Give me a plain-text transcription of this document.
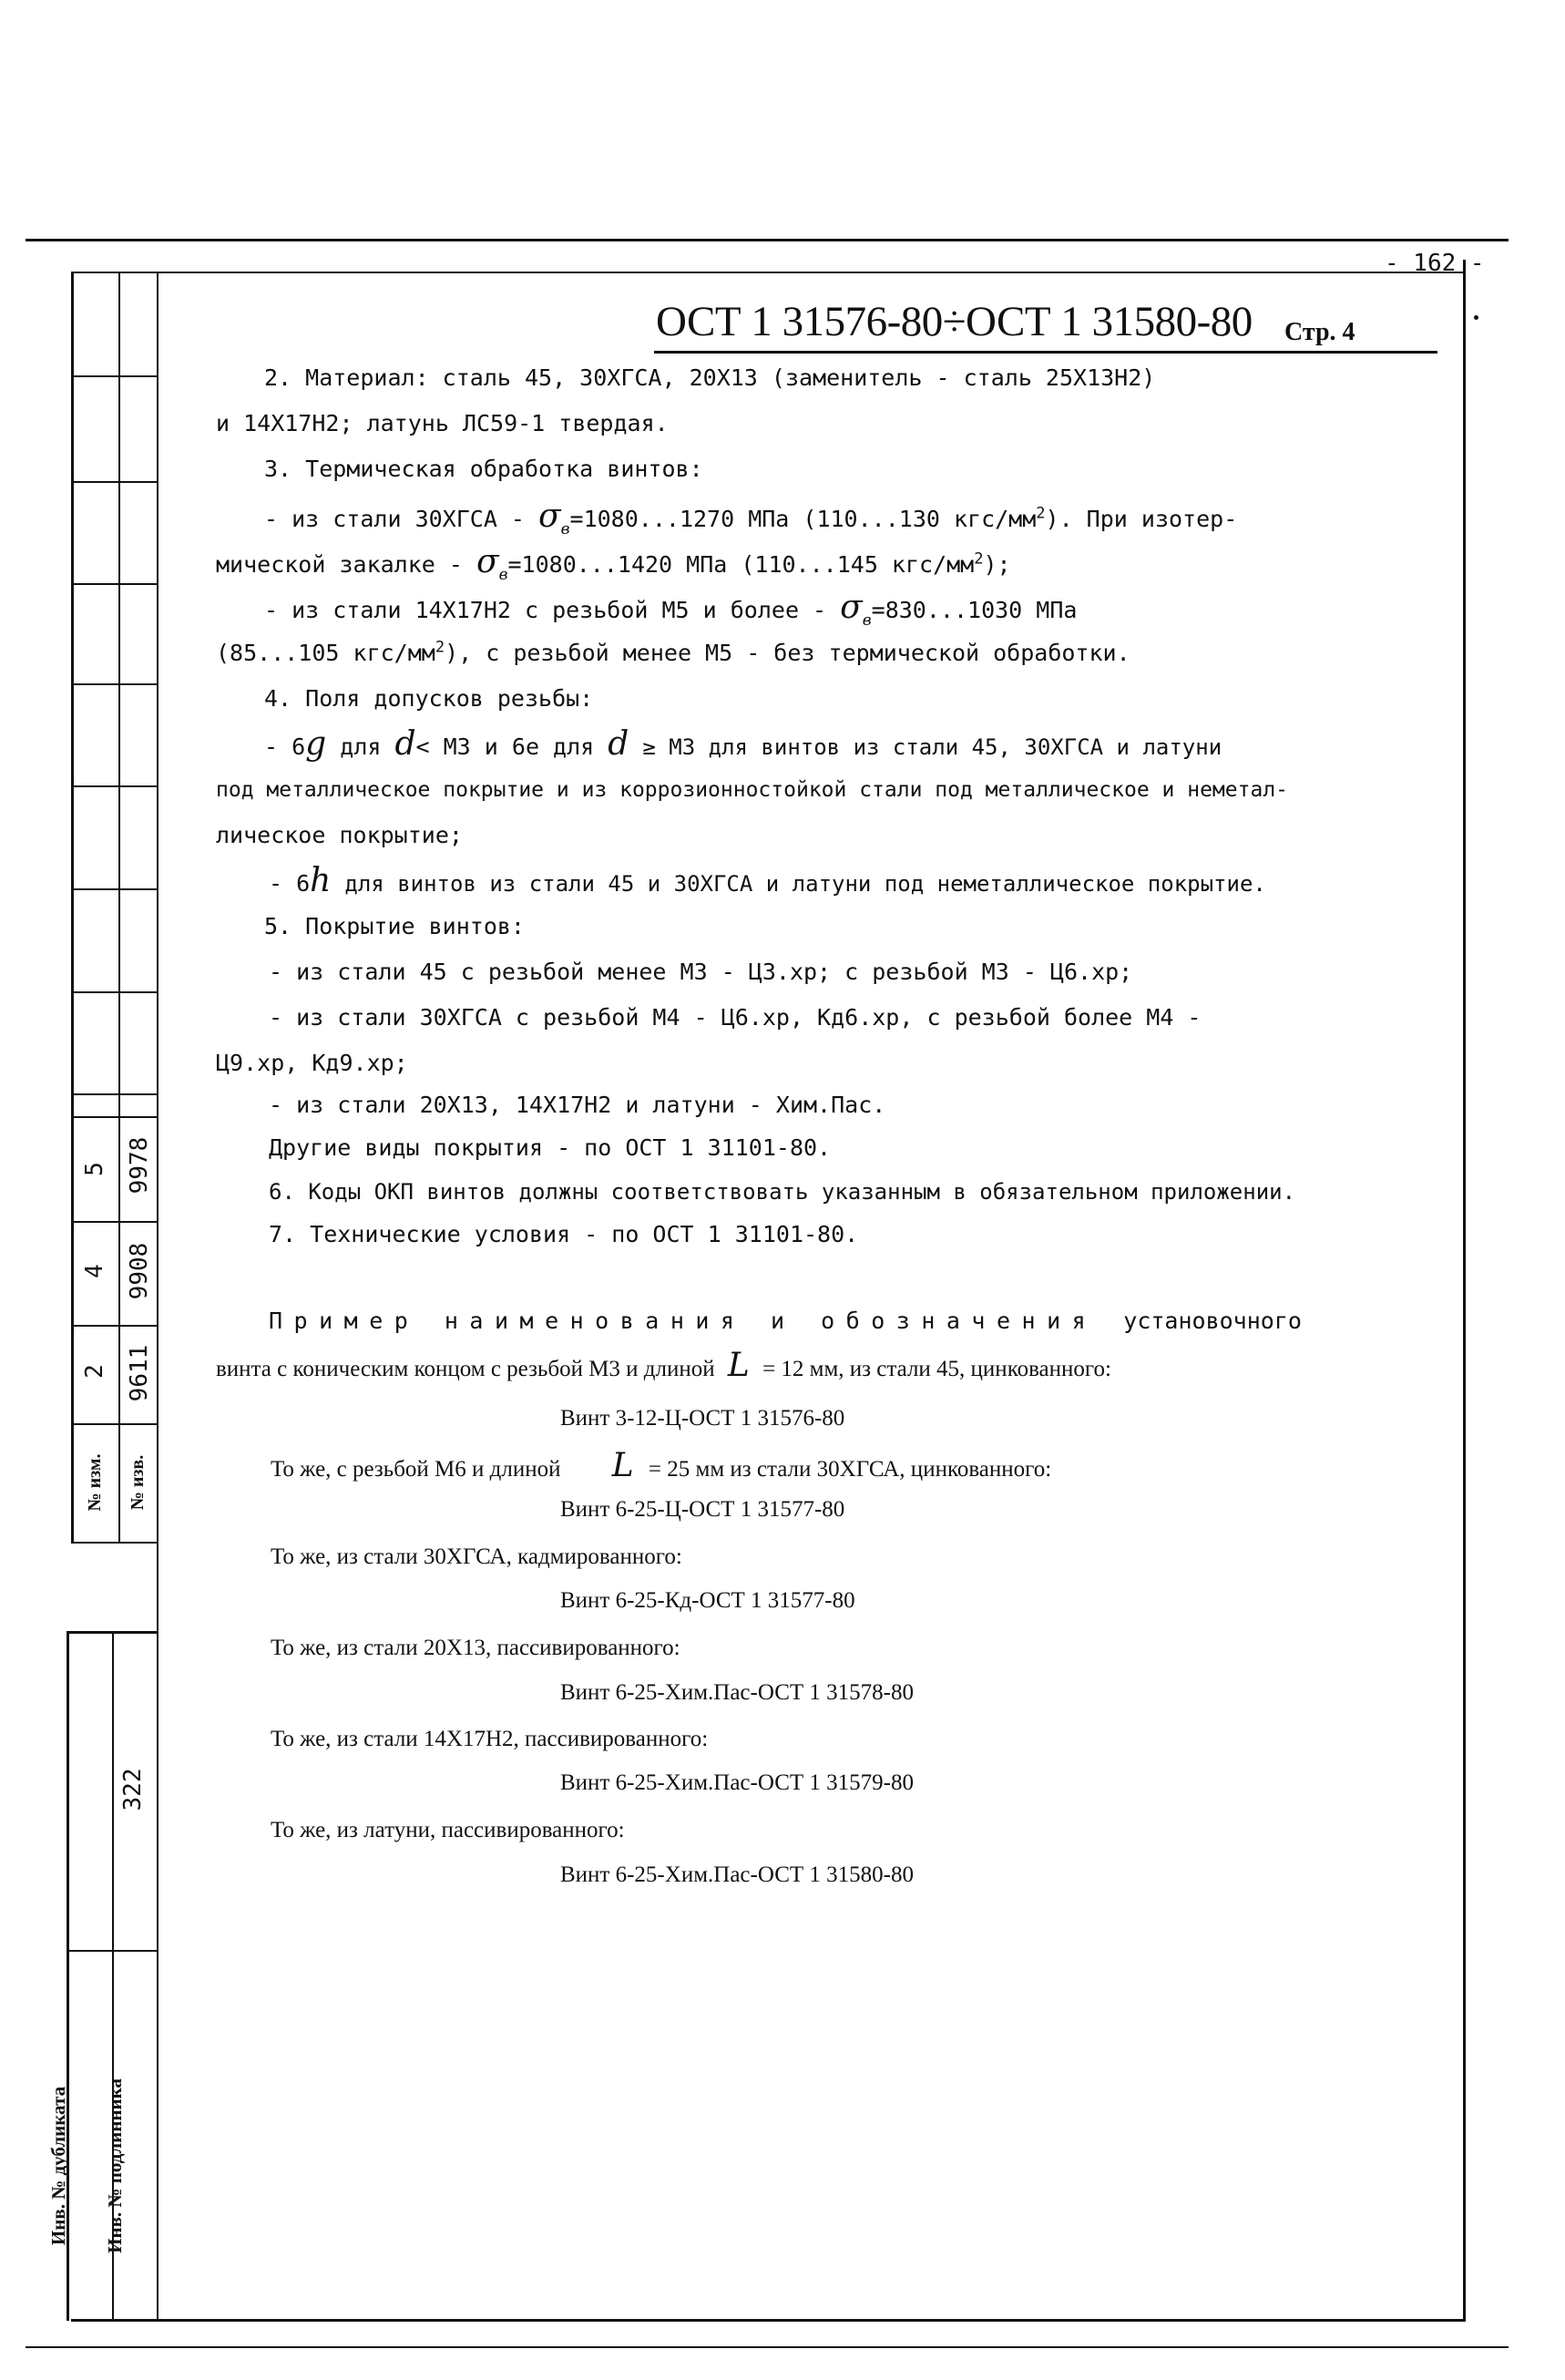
5 9978
4 9908
2 9611
№ изм. № изв.
322
Инв. № дубликата Инв. № подлинника
- 162 -
ОСТ 1 31576-80÷ОСТ 1 31580-80 Стр. 4
2. Материал: сталь 45, 30ХГСА, 20Х13 (заменитель - сталь 25Х13Н2)
и 14Х17Н2; латунь ЛС59-1 твердая.
3. Термическая обработка винтов:
- из стали 30ХГСА - $\sigma_в=1080...1270$ МПа (110...130 кгс/$мм^2$). При изотер-
мической закалке - $\sigma_в=1080...1420$ МПа (110...145 кгс/$мм^2$);
- из стали 14Х17Н2 с резьбой М5 и более - $\sigma_в=830...1030$ МПа
(85...105 кгс/$мм^2$), с резьбой менее М5 - без термической обработки.
4. Поля допусков резьбы:
- 6g для d< М3 и 6е для d ≥ М3 для винтов из стали 45, 30ХГСА и латуни
под металлическое покрытие и из коррозионностойкой стали под металлическое и неметал-
лическое покрытие;
- 6h для винтов из стали 45 и 30ХГСА и латуни под неметаллическое покрытие.
5. Покрытие винтов:
- из стали 45 с резьбой менее М3 - Ц3.хр; с резьбой М3 - Ц6.хр;
- из стали 30ХГСА с резьбой М4 - Ц6.хр, Кд6.хр, с резьбой более М4 -
Ц9.хр, Кд9.хр;
- из стали 20Х13, 14Х17Н2 и латуни - Хим.Пас.
Другие виды покрытия - по ОСТ 1 31101-80.
6. Коды ОКП винтов должны соответствовать указанным в обязательном приложении.
7. Технические условия - по ОСТ 1 31101-80.
Пример наименования и обозначения установочного
винта с коническим концом с резьбой М3 и длиной L = 12 мм, из стали 45, цинкованного:
Винт 3-12-Ц-ОСТ 1 31576-80
То же, с резьбой М6 и длиной L = 25 мм из стали 30ХГСА, цинкованного:
Винт 6-25-Ц-ОСТ 1 31577-80
То же, из стали 30ХГСА, кадмированного:
Винт 6-25-Кд-ОСТ 1 31577-80
То же, из стали 20Х13, пассивированного:
Винт 6-25-Хим.Пас-ОСТ 1 31578-80
То же, из стали 14Х17Н2, пассивированного:
Винт 6-25-Хим.Пас-ОСТ 1 31579-80
То же, из латуни, пассивированного:
Винт 6-25-Хим.Пас-ОСТ 1 31580-80
